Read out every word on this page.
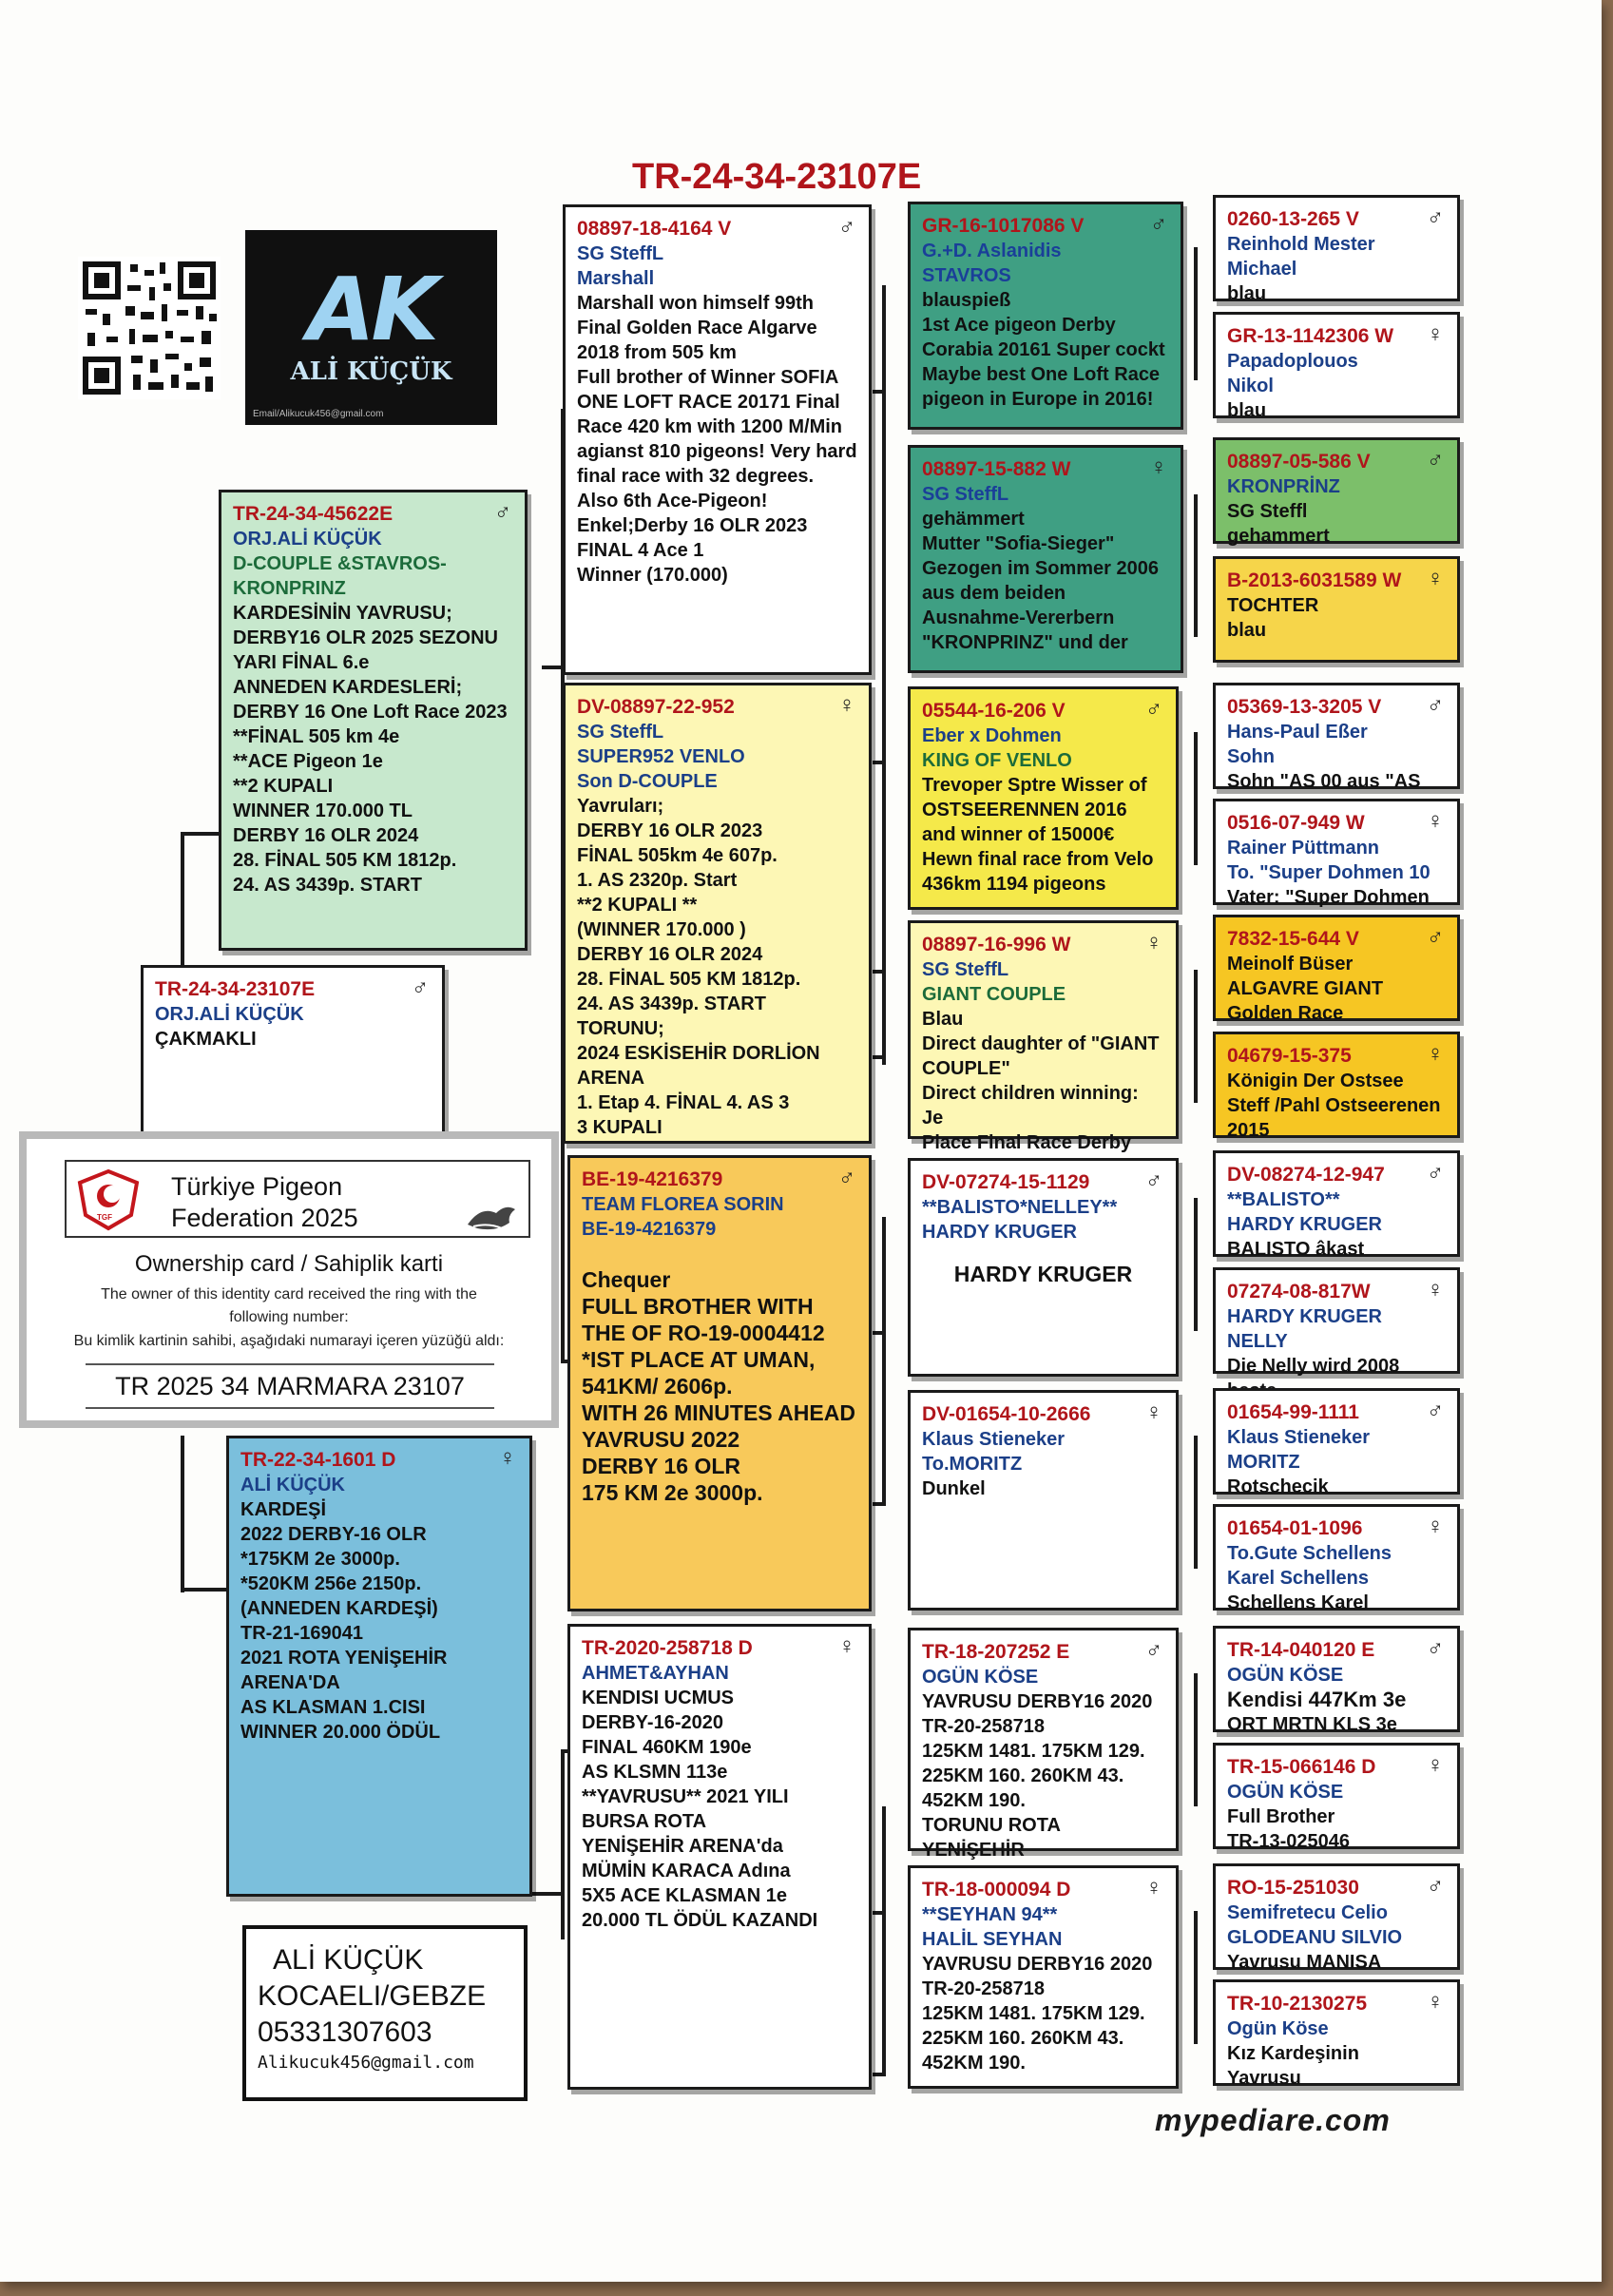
TR-24-34-23107E
AK
ALİ KÜÇÜK
Email/Alikucuk456@gmail.com
♂
TR-24-34-45622E
ORJ.ALİ KÜÇÜK
D-COUPLE &STAVROS-
KRONPRINZ
KARDESİNİN YAVRUSU;
DERBY16 OLR 2025 SEZONU
YARI FİNAL 6.e
ANNEDEN KARDESLERİ;
DERBY 16 One Loft Race 2023
**FİNAL 505 km 4e
**ACE Pigeon 1e
**2 KUPALI
WINNER 170.000 TL
DERBY 16 OLR 2024
28. FİNAL 505 KM 1812p.
24. AS 3439p. START
♂
TR-24-34-23107E
ORJ.ALİ KÜÇÜK
ÇAKMAKLI
TGF
Türkiye Pigeon Federation 2025
Ownership card / Sahiplik karti
The owner of this identity card received the ring with the following number:
Bu kimlik kartinin sahibi, aşağıdaki numarayi içeren yüzüğü aldı:
TR 2025 34 MARMARA 23107
♀
TR-22-34-1601 D
ALİ KÜÇÜK
KARDEŞİ
2022 DERBY-16 OLR
*175KM 2e 3000p.
*520KM 256e 2150p.
(ANNEDEN KARDEŞİ)
TR-21-169041
2021 ROTA YENİŞEHİR
ARENA'DA
AS KLASMAN 1.CISI
WINNER 20.000 ÖDÜL
ALİ KÜÇÜK
KOCAELI/GEBZE
05331307603
Alikucuk456@gmail.com
♂
08897-18-4164 V
SG SteffL
Marshall
Marshall won himself 99th Final Golden Race Algarve 2018 from 505 km
Full brother of Winner SOFIA ONE LOFT RACE 20171 Final Race 420 km with 1200 M/Min agianst 810 pigeons! Very hard final race with 32 degrees.
Also 6th Ace-Pigeon!
Enkel;Derby 16 OLR 2023
FINAL 4 Ace 1
Winner (170.000)
♀
DV-08897-22-952
SG SteffL
SUPER952 VENLO
Son D-COUPLE
Yavruları;
DERBY 16 OLR 2023
FİNAL 505km 4e 607p.
1. AS 2320p. Start
**2 KUPALI **
(WINNER 170.000 )
DERBY 16 OLR 2024
28. FİNAL 505 KM 1812p.
24. AS 3439p. START
TORUNU;
2024 ESKİSEHİR DORLİON
ARENA
1. Etap 4. FİNAL 4. AS 3
3 KUPALI
♂
BE-19-4216379
TEAM FLOREA SORIN
BE-19-4216379
Chequer
FULL BROTHER WITH THE OF RO-19-0004412
*IST PLACE AT UMAN, 541KM/ 2606p.
WITH 26 MINUTES AHEAD
YAVRUSU 2022
DERBY 16 OLR
175 KM 2e 3000p.
♀
TR-2020-258718 D
AHMET&AYHAN
KENDISI UCMUS
DERBY-16-2020
FINAL 460KM 190e
AS KLSMN 113e
**YAVRUSU** 2021 YILI BURSA ROTA
YENİŞEHİR ARENA'da
MÜMİN KARACA Adına
5X5 ACE KLASMAN 1e
20.000 TL ÖDÜL KAZANDI
♂
GR-16-1017086 V
G.+D. Aslanidis
STAVROS
blauspieß
1st Ace pigeon Derby Corabia 20161 Super cockt
Maybe best One Loft Race pigeon in Europe in 2016!
♀
08897-15-882 W
SG SteffL
gehämmert
Mutter "Sofia-Sieger"
Gezogen im Sommer 2006 aus dem beiden
Ausnahme-Vererbern
"KRONPRINZ" und der
♂
05544-16-206 V
Eber x Dohmen
KING OF VENLO
Trevoper Sptre Wisser of
OSTSEERENNEN 2016 and winner of 15000€
Hewn final race from Velo
436km 1194 pigeons
♀
08897-16-996 W
SG SteffL
GIANT COUPLE
Blau
Direct daughter of "GIANT COUPLE"
Direct children winning: Je
Place Final Race Derby
♂
DV-07274-15-1129
**BALISTO*NELLEY**
HARDY KRUGER
HARDY KRUGER
♀
DV-01654-10-2666
Klaus Stieneker
To.MORITZ
Dunkel
♂
TR-18-207252 E
OGÜN KÖSE
YAVRUSU DERBY16 2020
TR-20-258718
125KM 1481. 175KM 129.
225KM 160. 260KM 43.
452KM 190.
TORUNU ROTA YENİŞEHİR
♀
TR-18-000094 D
**SEYHAN 94**
HALİL SEYHAN
YAVRUSU DERBY16 2020
TR-20-258718
125KM 1481. 175KM 129.
225KM 160. 260KM 43.
452KM 190.
♂
0260-13-265 V
Reinhold Mester
Michael
blau
♀
GR-13-1142306 W
Papadoplouos
Nikol
blau
♂
08897-05-586 V
KRONPRİNZ
SG Steffl
gehammert
♀
B-2013-6031589 W
TOCHTER
blau
♂
05369-13-3205 V
Hans-Paul Eßer
Sohn
Sohn "AS 00 aus "AS
♀
0516-07-949 W
Rainer Püttmann
To. "Super Dohmen 10
Vater: "Super Dohmen
♂
7832-15-644 V
Meinolf Büser
ALGAVRE GIANT
Golden Race
♀
04679-15-375
Königin Der Ostsee
Steff /Pahl Ostseerenen
2015
♂
DV-08274-12-947
**BALISTO**
HARDY KRUGER
BALISTO âkast
♀
07274-08-817W
HARDY KRUGER
NELLY
Die Nelly wird 2008
♂
01654-99-1111
Klaus Stieneker
MORITZ
Rotschecik
♀
01654-01-1096
To.Gute Schellens
Karel Schellens
Schellens Karel
♂
TR-14-040120 E
OGÜN KÖSE
Kendisi 447Km 3e
ORT MRTN KLS 3e
♀
TR-15-066146 D
OGÜN KÖSE
Full Brother
TR-13-025046
♂
RO-15-251030
Semifretecu Celio
GLODEANU SILVIO
Yavrusu MANISA
♀
TR-10-2130275
Ogün Köse
Kız Kardeşinin
Yavrusu
mypediare.com
